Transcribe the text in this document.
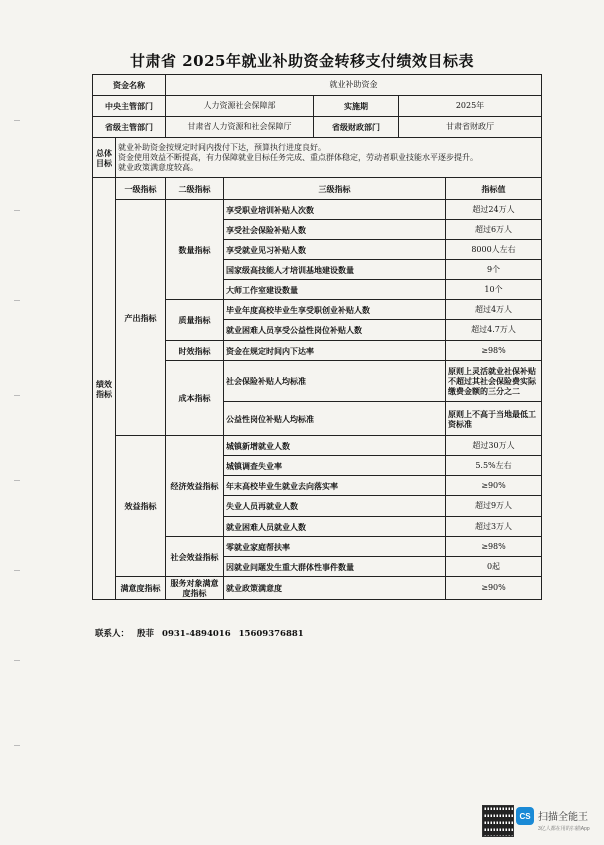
甘肃省 2025年就业补助资金转移支付绩效目标表
资金名称		就业补助资金				
中央主管部门		人力资源社会保障部		实施期	2025年	
省级主管部门		甘肃省人力资源和社会保障厅		省级财政部门	甘肃省财政厅	
总体目标	就业补助资金按规定时间内拨付下达，预算执行进度良好。
资金使用效益不断提高，有力保障就业目标任务完成、重点群体稳定，劳动者职业技能水平逐步提升。
就业政策满意度较高。					

绩效指标	一级指标	二级指标	三级指标			指标值
	产出指标	数量指标	享受职业培训补贴人次数			超过24万人
			享受社会保险补贴人数			超过6万人
			享受就业见习补贴人数			8000人左右
			国家级高技能人才培训基地建设数量			9个
			大师工作室建设数量			10个
		质量指标	毕业年度高校毕业生享受职创业补贴人数			超过4万人
			就业困难人员享受公益性岗位补贴人数			超过4.7万人
		时效指标	资金在规定时间内下达率			≥98%
		成本指标	社会保险补贴人均标准			原则上灵活就业社保补贴不超过其社会保险费实际缴费金额的三分之二
			公益性岗位补贴人均标准			原则上不高于当地最低工资标准
	效益指标	经济效益指标	城镇新增就业人数			超过30万人
			城镇调查失业率			5.5%左右
			年末高校毕业生就业去向落实率			≥90%
			失业人员再就业人数			超过9万人
			就业困难人员就业人数			超过3万人
		社会效益指标	零就业家庭帮扶率			≥98%
			因就业问题发生重大群体性事件数量			0起
	满意度指标	服务对象满意度指标	就业政策满意度			≥90%
联系人： 殷菲 0931-4894016 15609376881
CS 扫描全能王
3亿人都在用的扫描App
